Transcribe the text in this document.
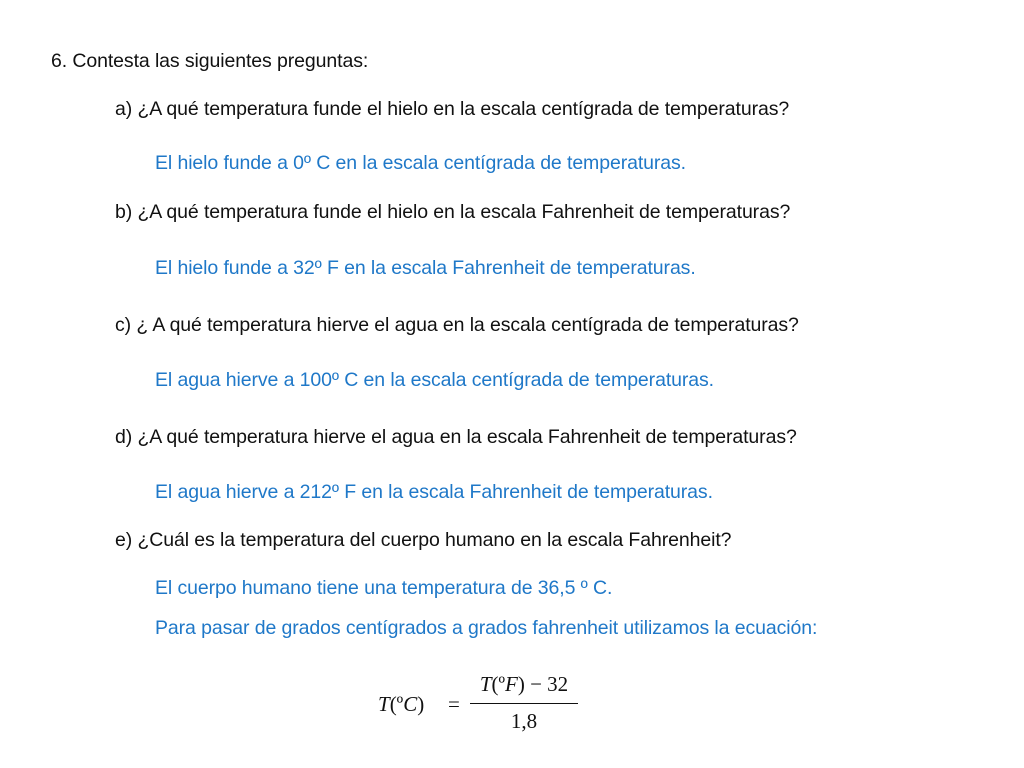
6. Contesta las siguientes preguntas:
a) ¿A qué temperatura funde el hielo en la escala centígrada de temperaturas?
El hielo funde a 0º C en la escala centígrada de temperaturas.
b) ¿A qué temperatura funde el hielo en la escala Fahrenheit de temperaturas?
El hielo funde a 32º F en la escala Fahrenheit de temperaturas.
c) ¿ A qué temperatura hierve el agua en la escala centígrada de temperaturas?
El agua hierve a 100º C en la escala centígrada de temperaturas.
d) ¿A qué temperatura hierve el agua en la escala Fahrenheit de temperaturas?
El agua hierve a 212º F en la escala Fahrenheit de temperaturas.
e) ¿Cuál es la temperatura del cuerpo humano en la escala Fahrenheit?
El cuerpo humano tiene una temperatura de 36,5 º C.
Para pasar de grados centígrados a grados fahrenheit utilizamos la ecuación:
T(ºC) =
T(ºF) − 32
1,8
